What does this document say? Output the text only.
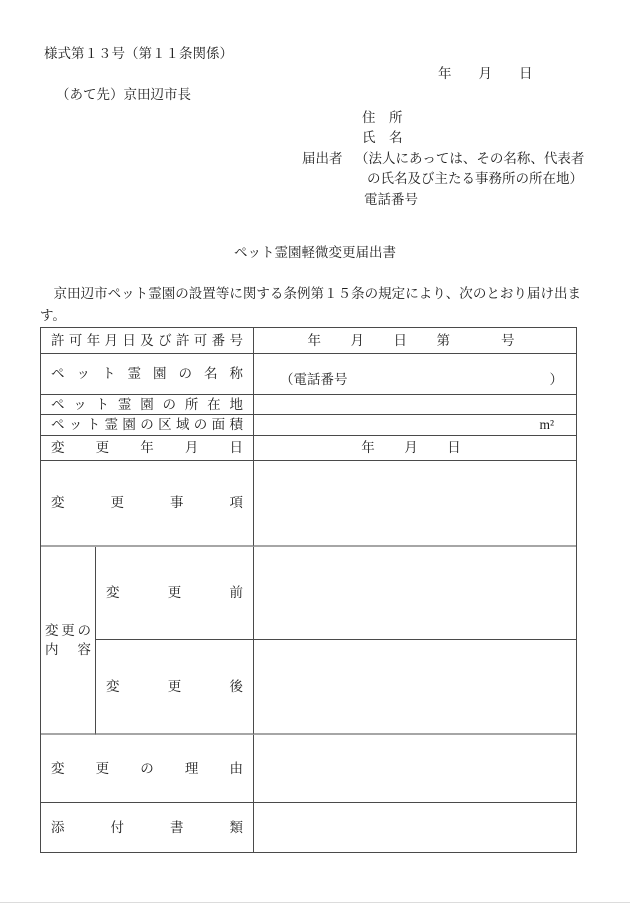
様式第１３号（第１１条関係）
年　　月　　日
（あて先）京田辺市長
住　所
氏　名
届出者 （法人にあっては、その名称、代表者
の氏名及び主たる事務所の所在地）
電話番号
ペット霊園軽微変更届出書
　京田辺市ペット霊園の設置等に関する条例第１５条の規定により、次のとおり届け出ます。
許可年月日及び許可番号	年　月　日　第　　号
ペット霊園の名称	（電話番号	）
ペット霊園の所在地
ペット霊園の区域の面積	m²
変更年月日	年　月　日
変更事項
変更の
内　容
変更前
変更後
変更の理由
添付書類
